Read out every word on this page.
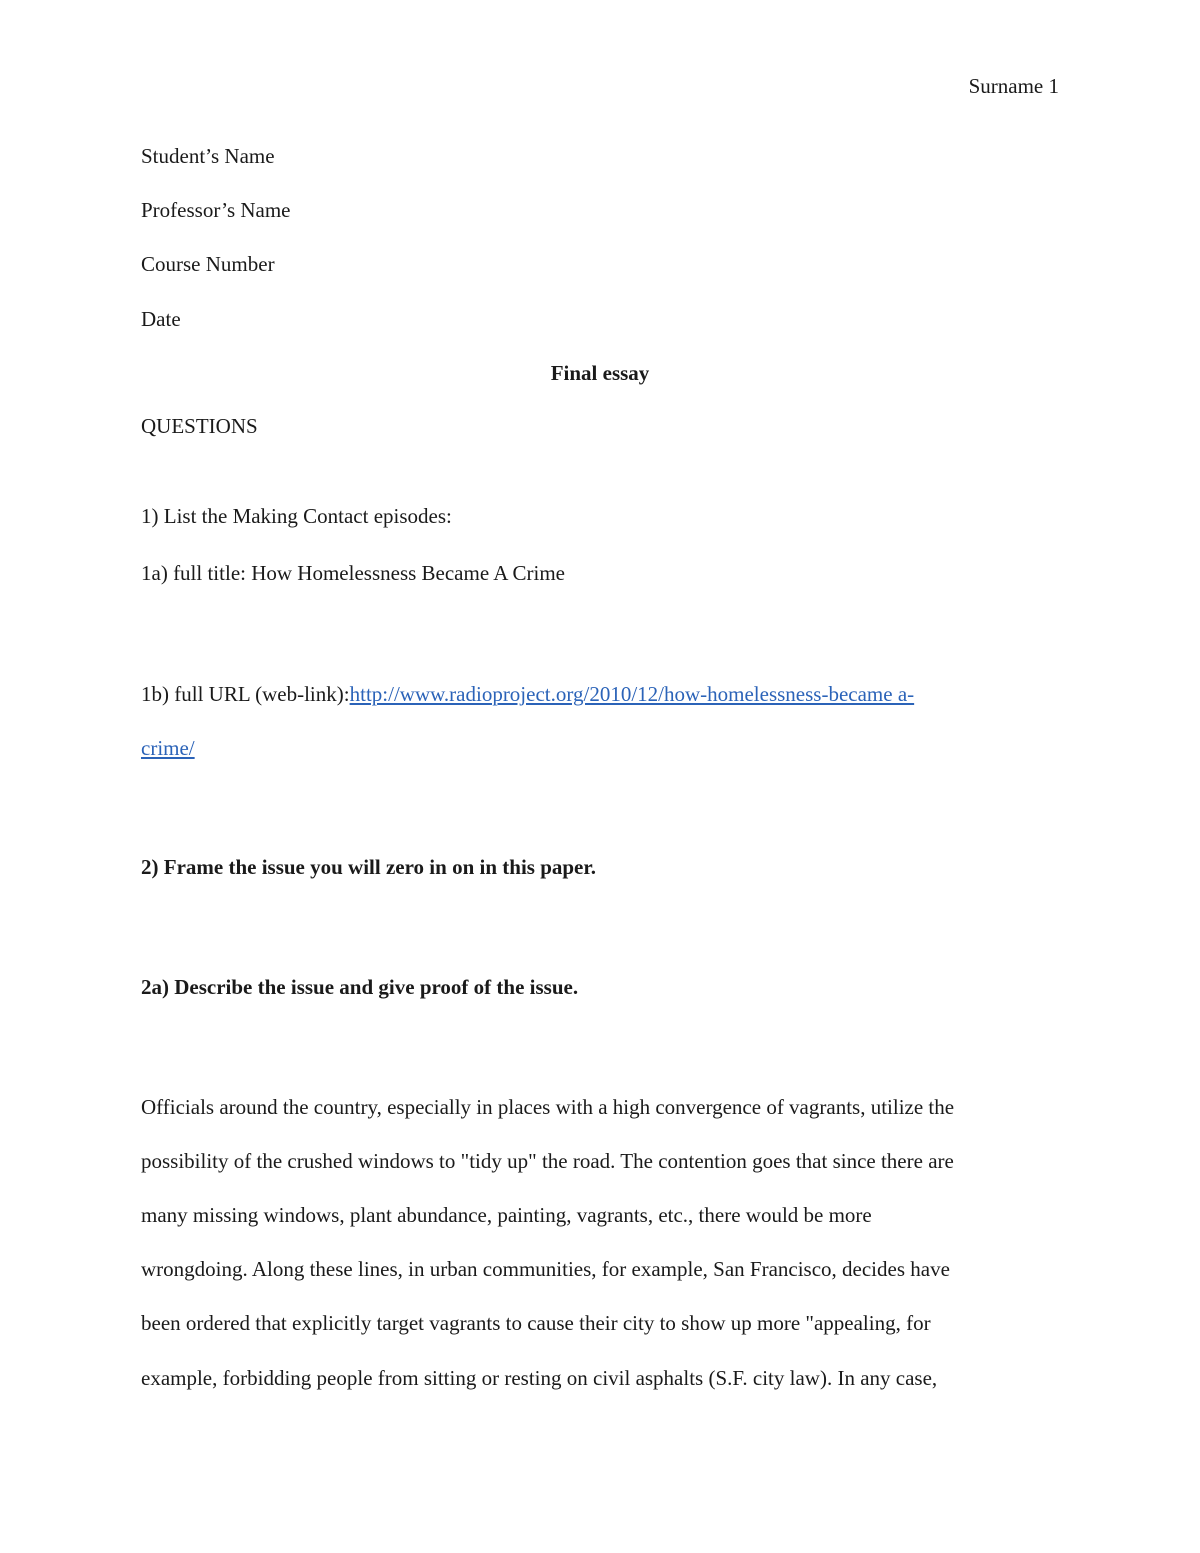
Surname 1

Student’s Name

Professor’s Name

Course Number

Date

Final essay

QUESTIONS

1) List the Making Contact episodes:

1a) full title: How Homelessness Became A Crime

1b) full URL (web-link):http://www.radioproject.org/2010/12/how-homelessness-became a-

crime/

2) Frame the issue you will zero in on in this paper.

2a) Describe the issue and give proof of the issue.

Officials around the country, especially in places with a high convergence of vagrants, utilize the

possibility of the crushed windows to "tidy up" the road. The contention goes that since there are

many missing windows, plant abundance, painting, vagrants, etc., there would be more

wrongdoing. Along these lines, in urban communities, for example, San Francisco, decides have

been ordered that explicitly target vagrants to cause their city to show up more "appealing, for

example, forbidding people from sitting or resting on civil asphalts (S.F. city law). In any case,
